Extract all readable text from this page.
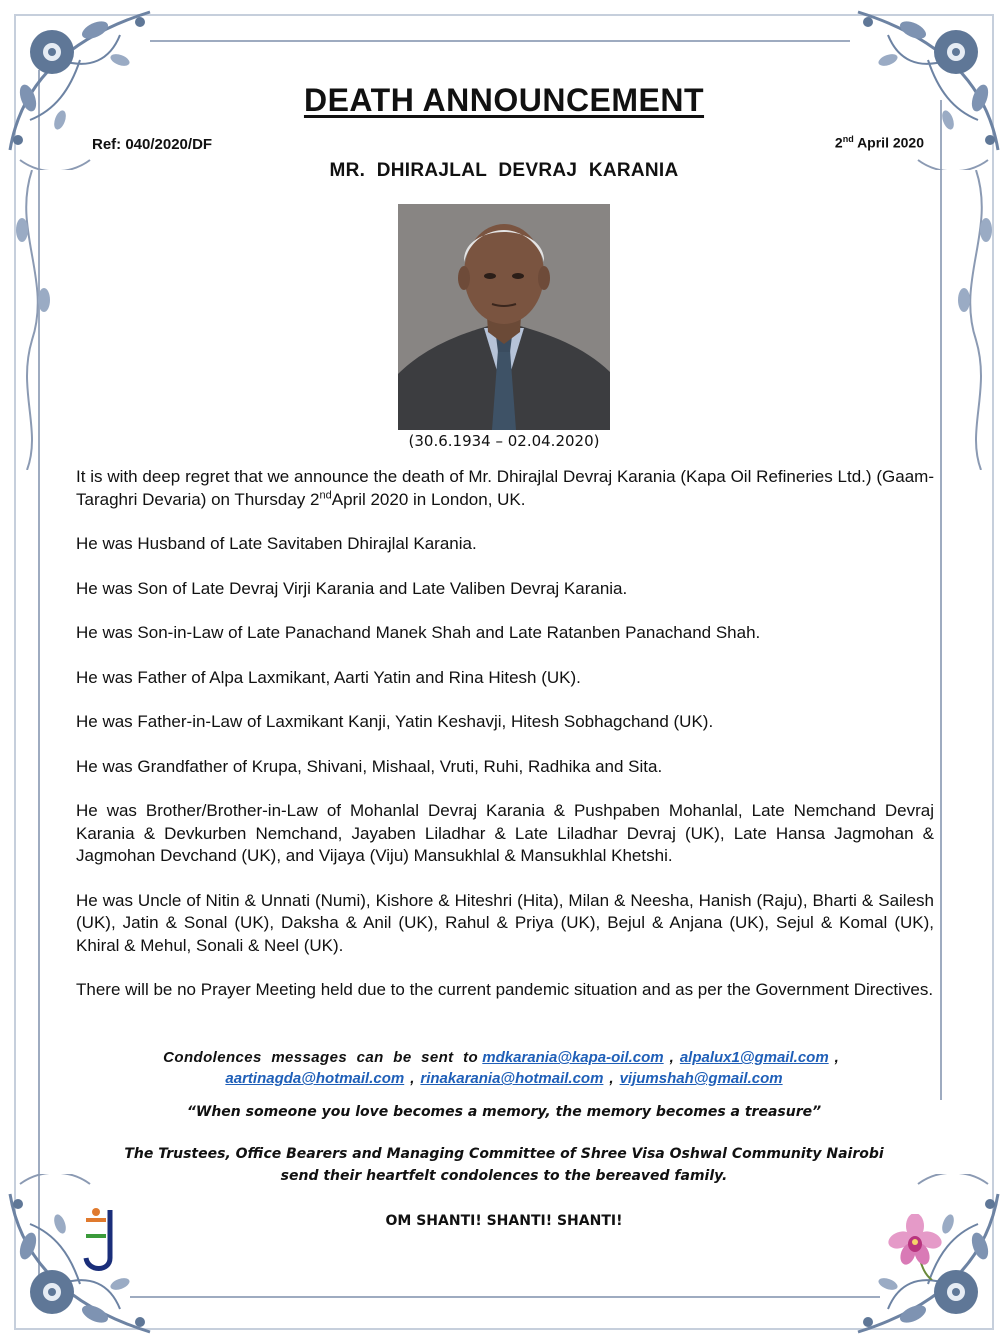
DEATH ANNOUNCEMENT
Ref: 040/2020/DF	2nd April 2020
MR. DHIRAJLAL DEVRAJ KARANIA
(30.6.1934 – 02.04.2020)

It is with deep regret that we announce the death of Mr. Dhirajlal Devraj Karania (Kapa Oil Refineries Ltd.) (Gaam-Taraghri Devaria) on Thursday 2ndApril 2020 in London, UK.

He was Husband of Late Savitaben Dhirajlal Karania.

He was Son of Late Devraj Virji Karania and Late Valiben Devraj Karania.

He was Son-in-Law of Late Panachand Manek Shah and Late Ratanben Panachand Shah.

He was Father of Alpa Laxmikant, Aarti Yatin and Rina Hitesh (UK).

He was Father-in-Law of Laxmikant Kanji, Yatin Keshavji, Hitesh Sobhagchand (UK).

He was Grandfather of Krupa, Shivani, Mishaal, Vruti, Ruhi, Radhika and Sita.

He was Brother/Brother-in-Law of Mohanlal Devraj Karania & Pushpaben Mohanlal, Late Nemchand Devraj Karania & Devkurben Nemchand, Jayaben Liladhar & Late Liladhar Devraj (UK), Late Hansa Jagmohan & Jagmohan Devchand (UK), and Vijaya (Viju) Mansukhlal & Mansukhlal Khetshi.

He was Uncle of Nitin & Unnati (Numi), Kishore & Hiteshri (Hita), Milan & Neesha, Hanish (Raju), Bharti & Sailesh (UK), Jatin & Sonal (UK), Daksha & Anil (UK), Rahul & Priya (UK), Bejul & Anjana (UK), Sejul & Komal (UK), Khiral & Mehul, Sonali & Neel (UK).

There will be no Prayer Meeting held due to the current pandemic situation and as per the Government Directives.

Condolences messages can be sent to mdkarania@kapa-oil.com , alpalux1@gmail.com ,
aartinagda@hotmail.com , rinakarania@hotmail.com , vijumshah@gmail.com
“When someone you love becomes a memory, the memory becomes a treasure”
The Trustees, Office Bearers and Managing Committee of Shree Visa Oshwal Community Nairobi
send their heartfelt condolences to the bereaved family.
OM SHANTI! SHANTI! SHANTI!
